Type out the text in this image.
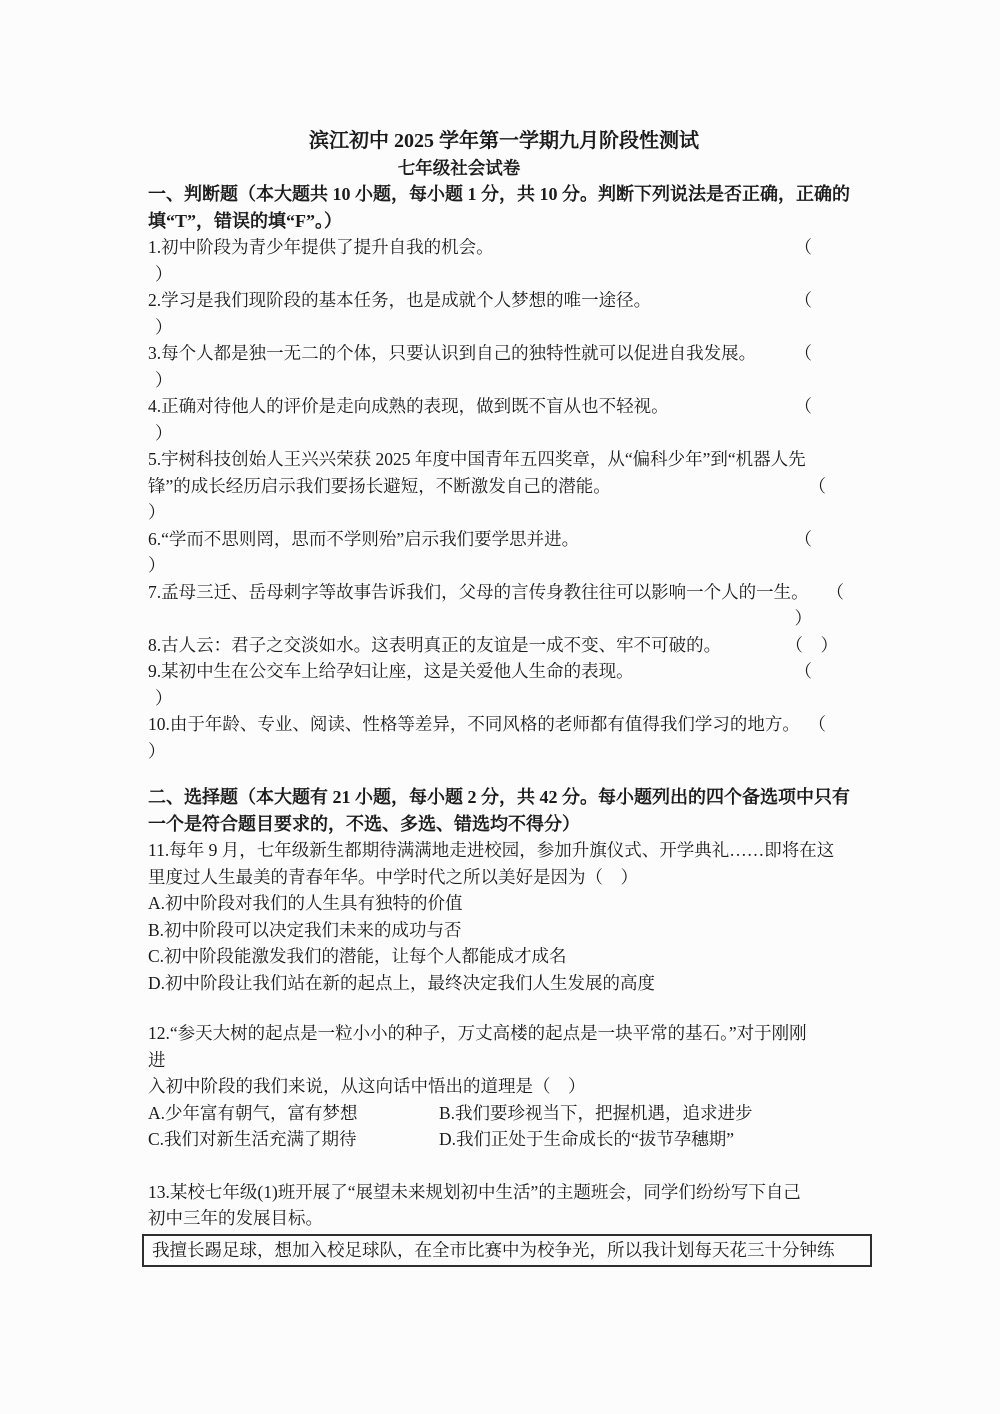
滨江初中 2025 学年第一学期九月阶段性测试
七年级社会试卷
一、判断题（本大题共 10 小题，每小题 1 分，共 10 分。判断下列说法是否正确，正确的
填“T”，错误的填“F”。）
1.初中阶段为青少年提供了提升自我的机会。	（
）
2.学习是我们现阶段的基本任务，也是成就个人梦想的唯一途径。	（
）
3.每个人都是独一无二的个体，只要认识到自己的独特性就可以促进自我发展。 （
）
4.正确对待他人的评价是走向成熟的表现，做到既不盲从也不轻视。	（
）
5.宇树科技创始人王兴兴荣获 2025 年度中国青年五四奖章，从“偏科少年”到“机器人先
锋”的成长经历启示我们要扬长避短，不断激发自己的潜能。	（
）
6.“学而不思则罔，思而不学则殆”启示我们要学思并进。	（
）
7.孟母三迁、岳母刺字等故事告诉我们，父母的言传身教往往可以影响一个人的一生。 （
）
8.古人云：君子之交淡如水。这表明真正的友谊是一成不变、牢不可破的。	（　）
9.某初中生在公交车上给孕妇让座，这是关爱他人生命的表现。	（
）
10.由于年龄、专业、阅读、性格等差异，不同风格的老师都有值得我们学习的地方。 （
）
二、选择题（本大题有 21 小题，每小题 2 分，共 42 分。每小题列出的四个备选项中只有
一个是符合题目要求的，不选、多选、错选均不得分）
11.每年 9 月，七年级新生都期待满满地走进校园，参加升旗仪式、开学典礼……即将在这
里度过人生最美的青春年华。中学时代之所以美好是因为（　）
A.初中阶段对我们的人生具有独特的价值
B.初中阶段可以决定我们未来的成功与否
C.初中阶段能激发我们的潜能，让每个人都能成才成名
D.初中阶段让我们站在新的起点上，最终决定我们人生发展的高度
12.“参天大树的起点是一粒小小的种子，万丈高楼的起点是一块平常的基石。”对于刚刚
进
入初中阶段的我们来说，从这向话中悟出的道理是（　）
A.少年富有朝气，富有梦想	B.我们要珍视当下，把握机遇，追求进步
C.我们对新生活充满了期待	D.我们正处于生命成长的“拔节孕穗期”
13.某校七年级(1)班开展了“展望未来规划初中生活”的主题班会，同学们纷纷写下自己
初中三年的发展目标。
我擅长踢足球，想加入校足球队，在全市比赛中为校争光，所以我计划每天花三十分钟练
